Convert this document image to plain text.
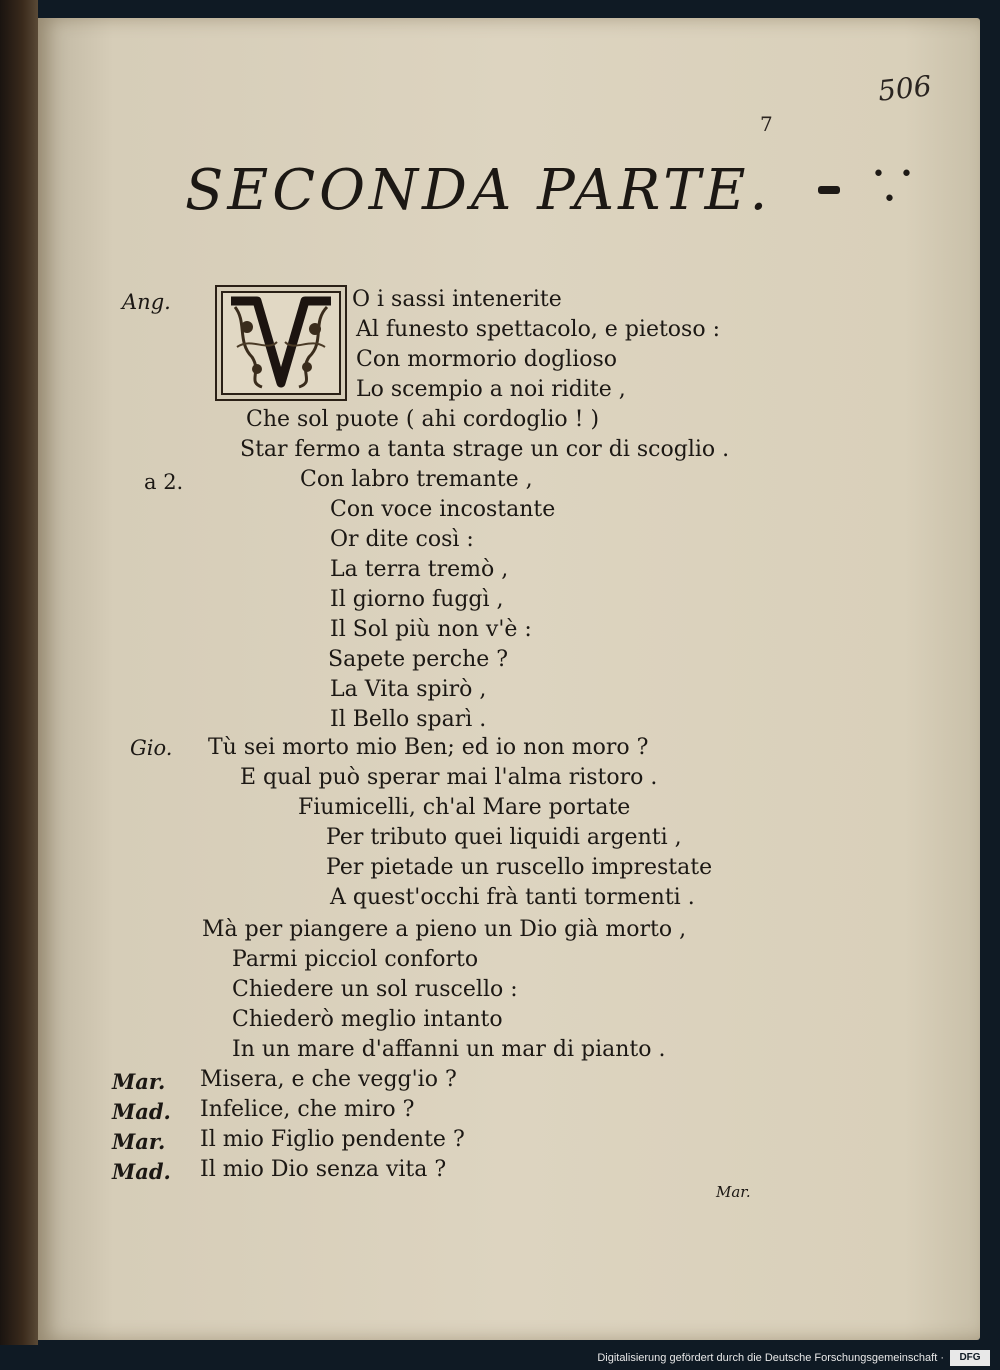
506
7
• •
•
SECONDA PARTE.
Ang.
a 2.
Gio.
Mar.
Mad.
Mar.
Mad.
O i sassi intenerite
Al funesto spettacolo, e pietoso :
Con mormorio doglioso
Lo scempio a noi ridite ,
Che sol puote ( ahi cordoglio ! )
Star fermo a tanta strage un cor di scoglio .
Con labro tremante ,
Con voce incostante
Or dite così :
La terra tremò ,
Il giorno fuggì ,
Il Sol più non v'è :
Sapete perche ?
La Vita spirò ,
Il Bello sparì .
Tù sei morto mio Ben; ed io non moro ?
E qual può sperar mai l'alma ristoro .
Fiumicelli, ch'al Mare portate
Per tributo quei liquidi argenti ,
Per pietade un ruscello imprestate
A quest'occhi frà tanti tormenti .
Mà per piangere a pieno un Dio già morto ,
Parmi picciol conforto
Chiedere un sol ruscello :
Chiederò meglio intanto
In un mare d'affanni un mar di pianto .
Misera, e che vegg'io ?
Infelice, che miro ?
Il mio Figlio pendente ?
Il mio Dio senza vita ?
Mar.
Digitalisierung gefördert durch die Deutsche Forschungsgemeinschaft ·	DFG
